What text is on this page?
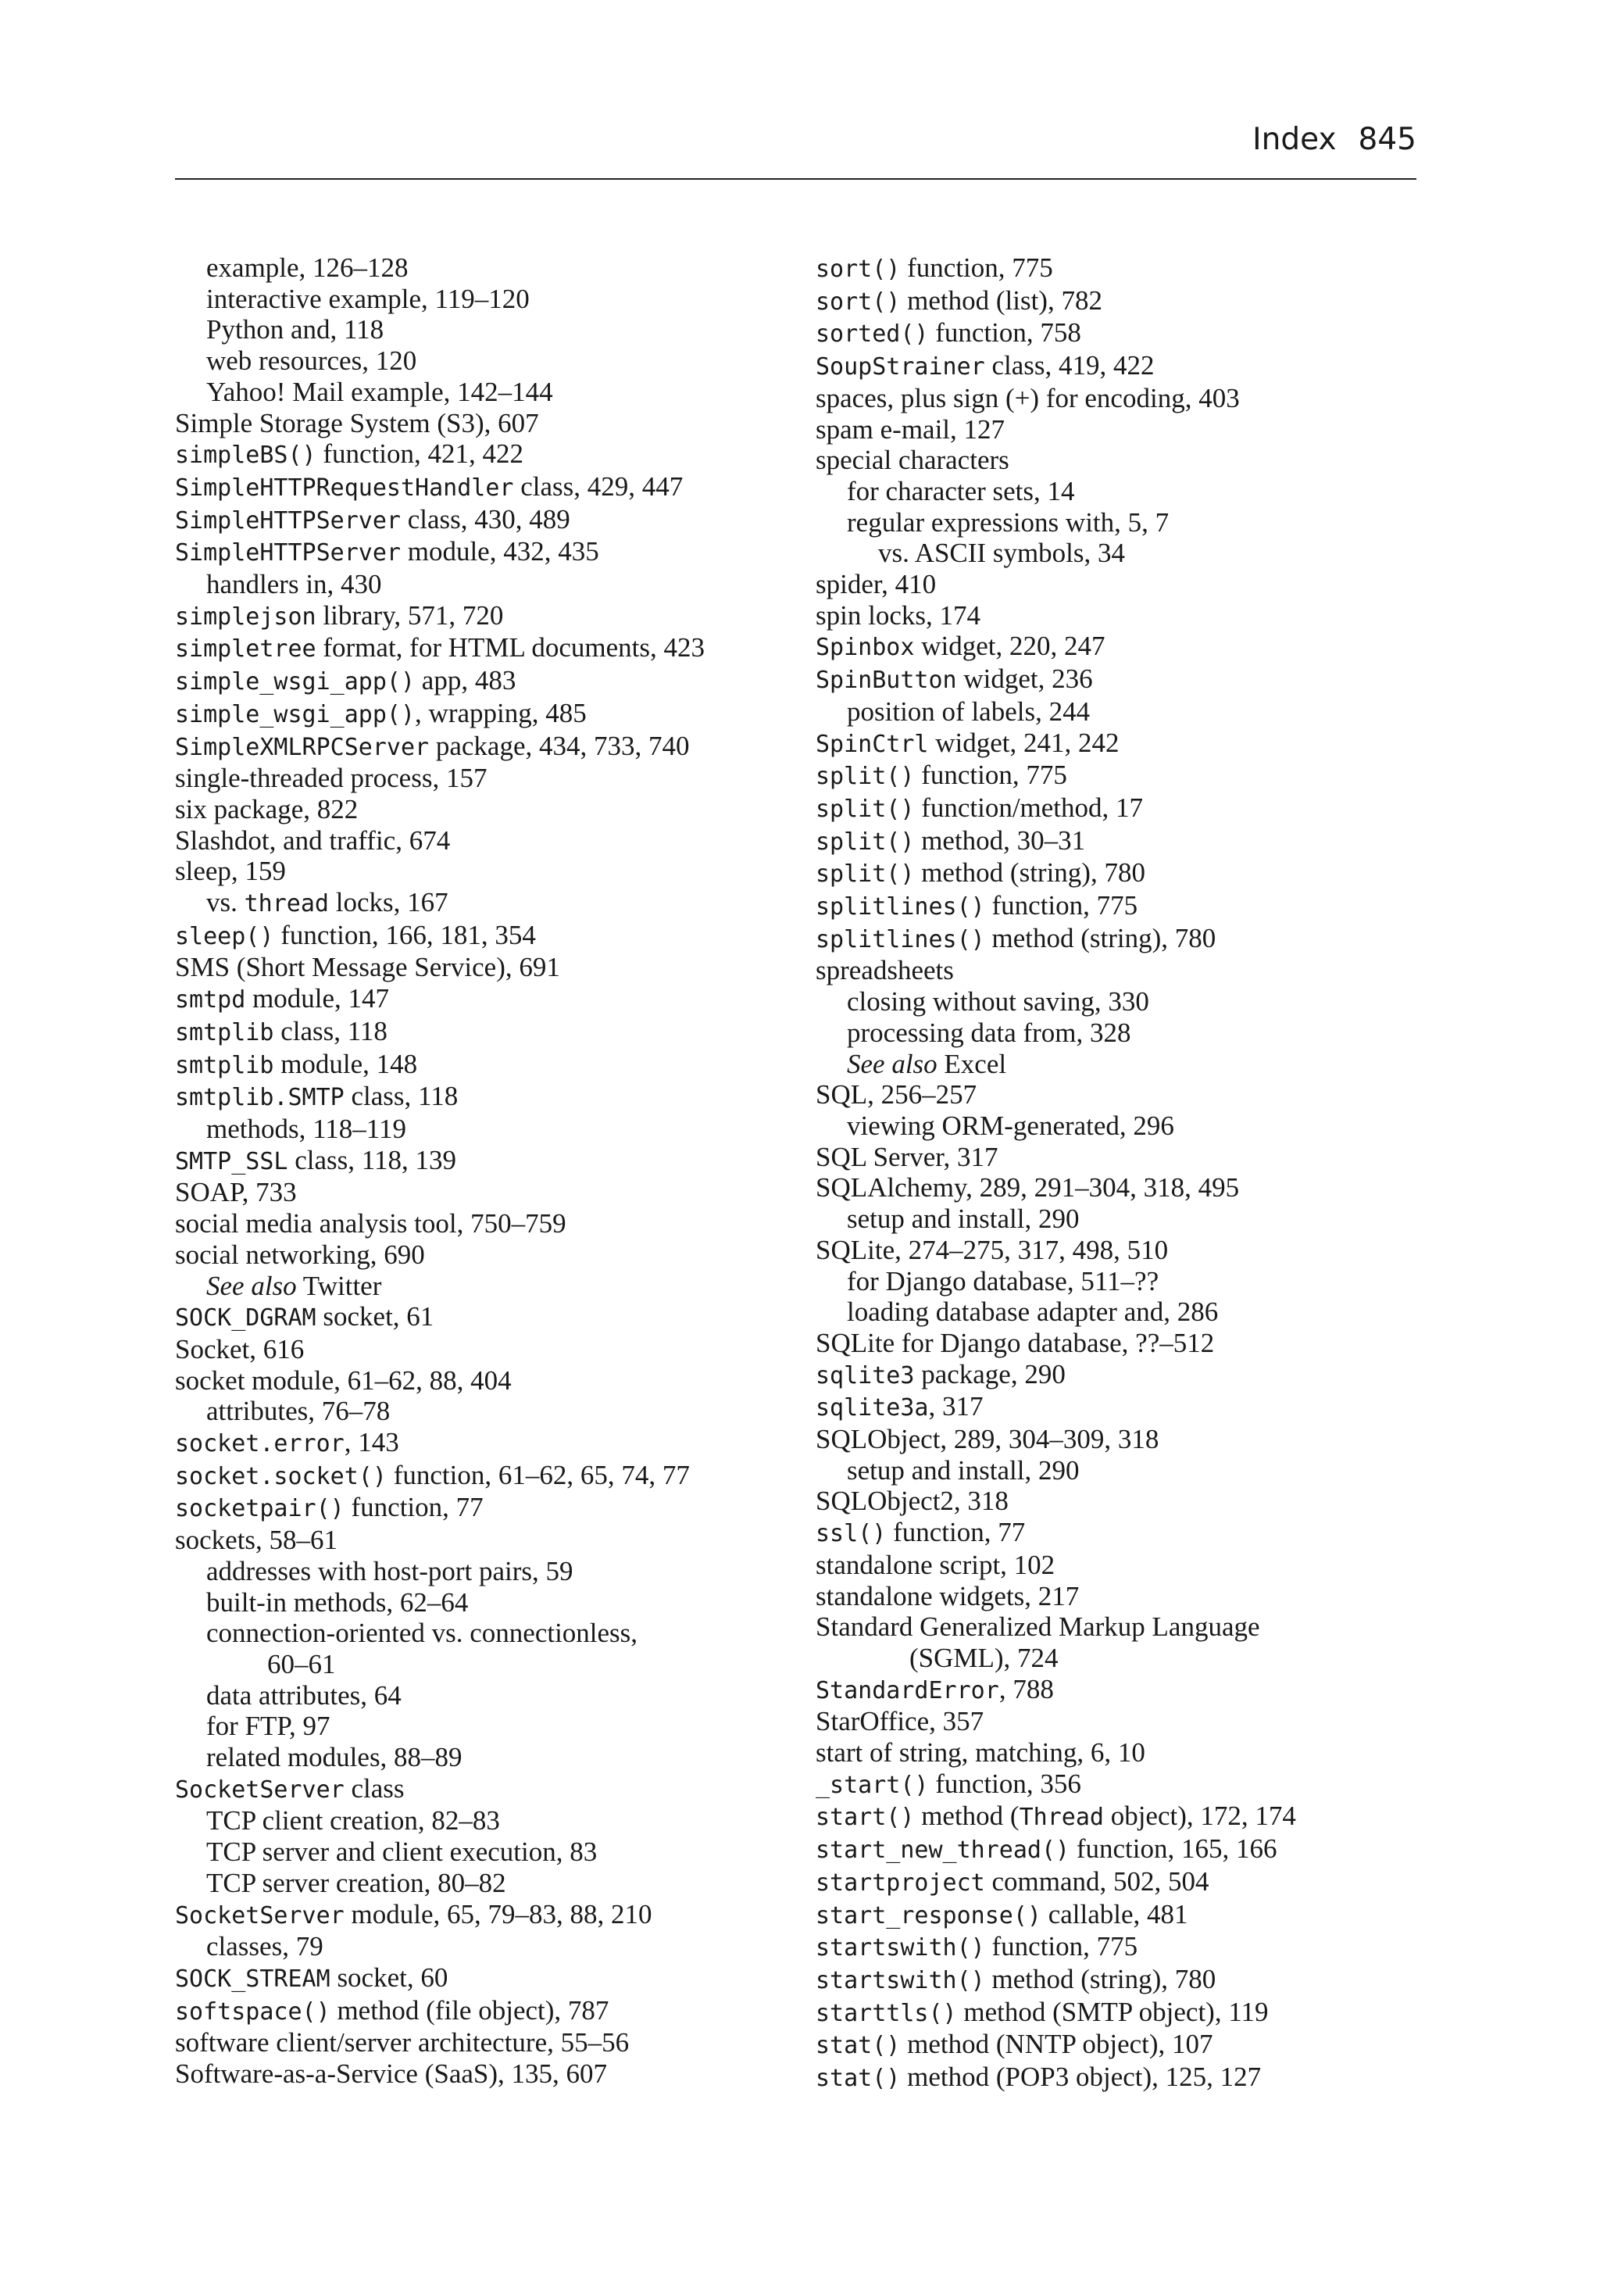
Index 845
example, 126–128
interactive example, 119–120
Python and, 118
web resources, 120
Yahoo! Mail example, 142–144
Simple Storage System (S3), 607
simpleBS() function, 421, 422
SimpleHTTPRequestHandler class, 429, 447
SimpleHTTPServer class, 430, 489
SimpleHTTPServer module, 432, 435
handlers in, 430
simplejson library, 571, 720
simpletree format, for HTML documents, 423
simple_wsgi_app() app, 483
simple_wsgi_app(), wrapping, 485
SimpleXMLRPCServer package, 434, 733, 740
single-threaded process, 157
six package, 822
Slashdot, and traffic, 674
sleep, 159
vs. thread locks, 167
sleep() function, 166, 181, 354
SMS (Short Message Service), 691
smtpd module, 147
smtplib class, 118
smtplib module, 148
smtplib.SMTP class, 118
methods, 118–119
SMTP_SSL class, 118, 139
SOAP, 733
social media analysis tool, 750–759
social networking, 690
See also Twitter
SOCK_DGRAM socket, 61
Socket, 616
socket module, 61–62, 88, 404
attributes, 76–78
socket.error, 143
socket.socket() function, 61–62, 65, 74, 77
socketpair() function, 77
sockets, 58–61
addresses with host-port pairs, 59
built-in methods, 62–64
connection-oriented vs. connectionless,
60–61
data attributes, 64
for FTP, 97
related modules, 88–89
SocketServer class
TCP client creation, 82–83
TCP server and client execution, 83
TCP server creation, 80–82
SocketServer module, 65, 79–83, 88, 210
classes, 79
SOCK_STREAM socket, 60
softspace() method (file object), 787
software client/server architecture, 55–56
Software-as-a-Service (SaaS), 135, 607
sort() function, 775
sort() method (list), 782
sorted() function, 758
SoupStrainer class, 419, 422
spaces, plus sign (+) for encoding, 403
spam e-mail, 127
special characters
for character sets, 14
regular expressions with, 5, 7
vs. ASCII symbols, 34
spider, 410
spin locks, 174
Spinbox widget, 220, 247
SpinButton widget, 236
position of labels, 244
SpinCtrl widget, 241, 242
split() function, 775
split() function/method, 17
split() method, 30–31
split() method (string), 780
splitlines() function, 775
splitlines() method (string), 780
spreadsheets
closing without saving, 330
processing data from, 328
See also Excel
SQL, 256–257
viewing ORM-generated, 296
SQL Server, 317
SQLAlchemy, 289, 291–304, 318, 495
setup and install, 290
SQLite, 274–275, 317, 498, 510
for Django database, 511–??
loading database adapter and, 286
SQLite for Django database, ??–512
sqlite3 package, 290
sqlite3a, 317
SQLObject, 289, 304–309, 318
setup and install, 290
SQLObject2, 318
ssl() function, 77
standalone script, 102
standalone widgets, 217
Standard Generalized Markup Language
(SGML), 724
StandardError, 788
StarOffice, 357
start of string, matching, 6, 10
_start() function, 356
start() method (Thread object), 172, 174
start_new_thread() function, 165, 166
startproject command, 502, 504
start_response() callable, 481
startswith() function, 775
startswith() method (string), 780
starttls() method (SMTP object), 119
stat() method (NNTP object), 107
stat() method (POP3 object), 125, 127
